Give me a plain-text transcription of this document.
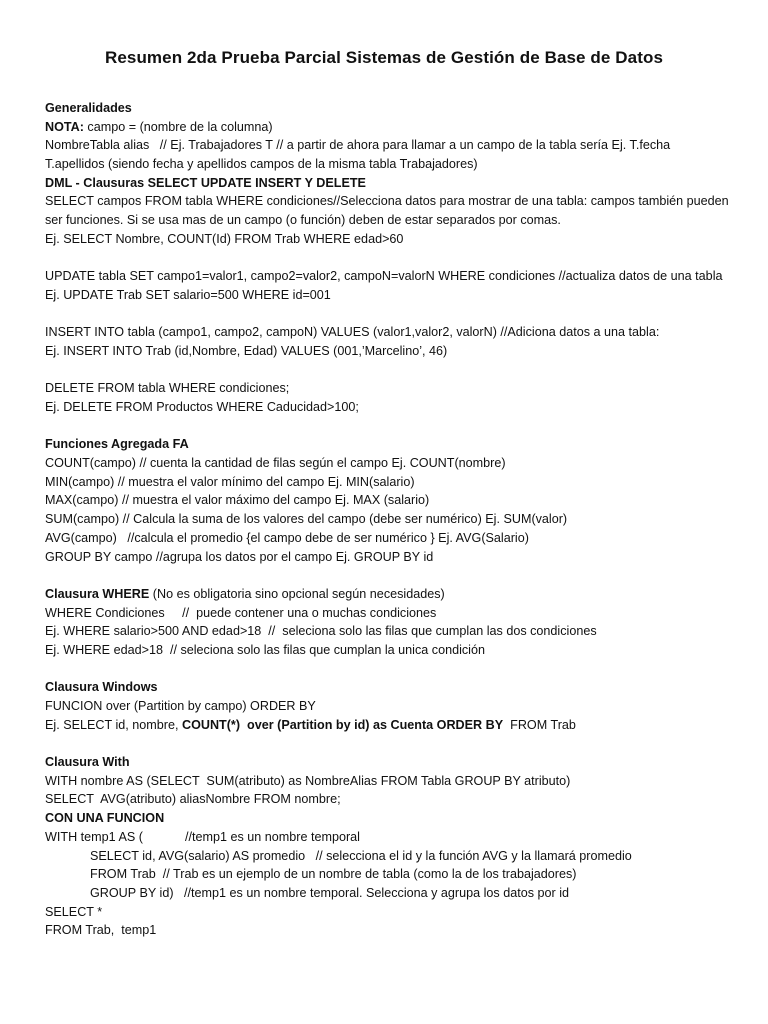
Resumen 2da Prueba Parcial Sistemas de Gestión de Base de Datos
Generalidades
NOTA: campo = (nombre de la columna)
NombreTabla alias   // Ej. Trabajadores T // a partir de ahora para llamar a un campo de la tabla sería Ej. T.fecha
T.apellidos (siendo fecha y apellidos campos de la misma tabla Trabajadores)
DML - Clausuras SELECT UPDATE INSERT Y DELETE
SELECT campos FROM tabla WHERE condiciones//Selecciona datos para mostrar de una tabla: campos también pueden
ser funciones. Si se usa mas de un campo (o función) deben de estar separados por comas.
Ej. SELECT Nombre, COUNT(Id) FROM Trab WHERE edad>60
UPDATE tabla SET campo1=valor1, campo2=valor2, campoN=valorN WHERE condiciones //actualiza datos de una tabla
Ej. UPDATE Trab SET salario=500 WHERE id=001
INSERT INTO tabla (campo1, campo2, campoN) VALUES (valor1,valor2, valorN) //Adiciona datos a una tabla:
Ej. INSERT INTO Trab (id,Nombre, Edad) VALUES (001,’Marcelino’, 46)
DELETE FROM tabla WHERE condiciones;
Ej. DELETE FROM Productos WHERE Caducidad>100;
Funciones Agregada FA
COUNT(campo) // cuenta la cantidad de filas según el campo Ej. COUNT(nombre)
MIN(campo) // muestra el valor mínimo del campo Ej. MIN(salario)
MAX(campo) // muestra el valor máximo del campo Ej. MAX (salario)
SUM(campo) // Calcula la suma de los valores del campo (debe ser numérico) Ej. SUM(valor)
AVG(campo)   //calcula el promedio {el campo debe de ser numérico } Ej. AVG(Salario)
GROUP BY campo //agrupa los datos por el campo Ej. GROUP BY id
Clausura WHERE (No es obligatoria sino opcional según necesidades)
WHERE Condiciones     //  puede contener una o muchas condiciones
Ej. WHERE salario>500 AND edad>18  //  seleciona solo las filas que cumplan las dos condiciones
Ej. WHERE edad>18  // seleciona solo las filas que cumplan la unica condición
Clausura Windows
FUNCION over (Partition by campo) ORDER BY
Ej. SELECT id, nombre, COUNT(*)  over (Partition by id) as Cuenta ORDER BY  FROM Trab
Clausura With
WITH nombre AS (SELECT  SUM(atributo) as NombreAlias FROM Tabla GROUP BY atributo)
SELECT  AVG(atributo) aliasNombre FROM nombre;
CON UNA FUNCION
WITH temp1 AS (            //temp1 es un nombre temporal
SELECT id, AVG(salario) AS promedio   // selecciona el id y la función AVG y la llamará promedio
FROM Trab  // Trab es un ejemplo de un nombre de tabla (como la de los trabajadores)
GROUP BY id)   //temp1 es un nombre temporal. Selecciona y agrupa los datos por id
SELECT *
FROM Trab,  temp1
